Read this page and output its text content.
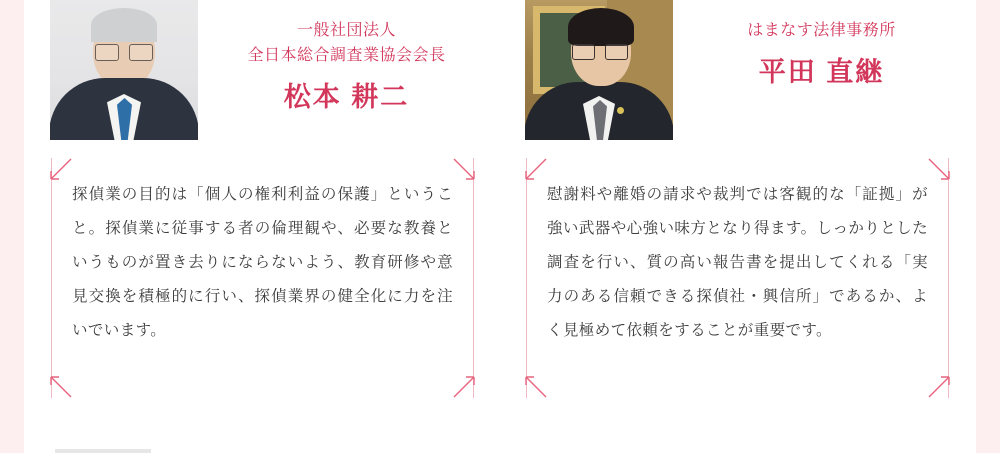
一般社団法人
全日本総合調査業協会会長
松本 耕二

探偵業の目的は「個人の権利利益の保護」ということ。探偵業に従事する者の倫理観や、必要な教養というものが置き去りにならないよう、教育研修や意見交換を積極的に行い、探偵業界の健全化に力を注いでいます。

はまなす法律事務所
平田 直継

慰謝料や離婚の請求や裁判では客観的な「証拠」が強い武器や心強い味方となり得ます。しっかりとした調査を行い、質の高い報告書を提出してくれる「実力のある信頼できる探偵社・興信所」であるか、よく見極めて依頼をすることが重要です。
